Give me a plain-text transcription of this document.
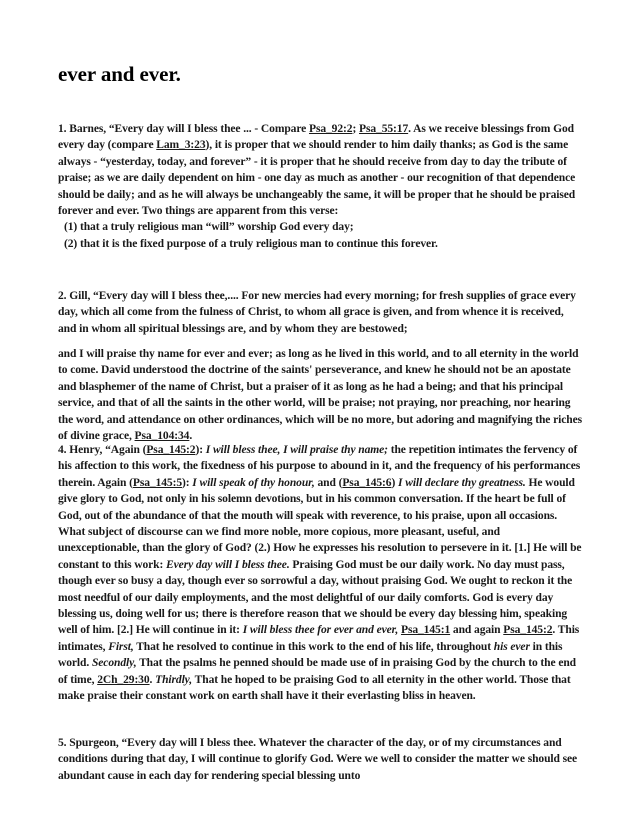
ever and ever.

1. Barnes, “Every day will I bless thee ... - Compare Psa_92:2; Psa_55:17. As we receive blessings from God every day (compare Lam_3:23), it is proper that we should render to him daily thanks; as God is the same always - “yesterday, today, and forever” - it is proper that he should receive from day to day the tribute of praise; as we are daily dependent on him - one day as much as another - our recognition of that dependence should be daily; and as he will always be unchangeably the same, it will be proper that he should be praised forever and ever. Two things are apparent from this verse:

(1) that a truly religious man “will” worship God every day;

(2) that it is the fixed purpose of a truly religious man to continue this forever.

2. Gill, “Every day will I bless thee,.... For new mercies had every morning; for fresh supplies of grace every day, which all come from the fulness of Christ, to whom all grace is given, and from whence it is received, and in whom all spiritual blessings are, and by whom they are bestowed;

and I will praise thy name for ever and ever; as long as he lived in this world, and to all eternity in the world to come. David understood the doctrine of the saints' perseverance, and knew he should not be an apostate and blasphemer of the name of Christ, but a praiser of it as long as he had a being; and that his principal service, and that of all the saints in the other world, will be praise; not praying, nor preaching, nor hearing the word, and attendance on other ordinances, which will be no more, but adoring and magnifying the riches of divine grace, Psa_104:34.

4. Henry, “Again (Psa_145:2): I will bless thee, I will praise thy name; the repetition intimates the fervency of his affection to this work, the fixedness of his purpose to abound in it, and the frequency of his performances therein. Again (Psa_145:5): I will speak of thy honour, and (Psa_145:6) I will declare thy greatness. He would give glory to God, not only in his solemn devotions, but in his common conversation. If the heart be full of God, out of the abundance of that the mouth will speak with reverence, to his praise, upon all occasions. What subject of discourse can we find more noble, more copious, more pleasant, useful, and unexceptionable, than the glory of God? (2.) How he expresses his resolution to persevere in it. [1.] He will be constant to this work: Every day will I bless thee. Praising God must be our daily work. No day must pass, though ever so busy a day, though ever so sorrowful a day, without praising God. We ought to reckon it the most needful of our daily employments, and the most delightful of our daily comforts. God is every day blessing us, doing well for us; there is therefore reason that we should be every day blessing him, speaking well of him. [2.] He will continue in it: I will bless thee for ever and ever, Psa_145:1 and again Psa_145:2. This intimates, First, That he resolved to continue in this work to the end of his life, throughout his ever in this world. Secondly, That the psalms he penned should be made use of in praising God by the church to the end of time, 2Ch_29:30. Thirdly, That he hoped to be praising God to all eternity in the other world. Those that make praise their constant work on earth shall have it their everlasting bliss in heaven.

5. Spurgeon, “Every day will I bless thee. Whatever the character of the day, or of my circumstances and conditions during that day, I will continue to glorify God. Were we well to consider the matter we should see abundant cause in each day for rendering special blessing unto
